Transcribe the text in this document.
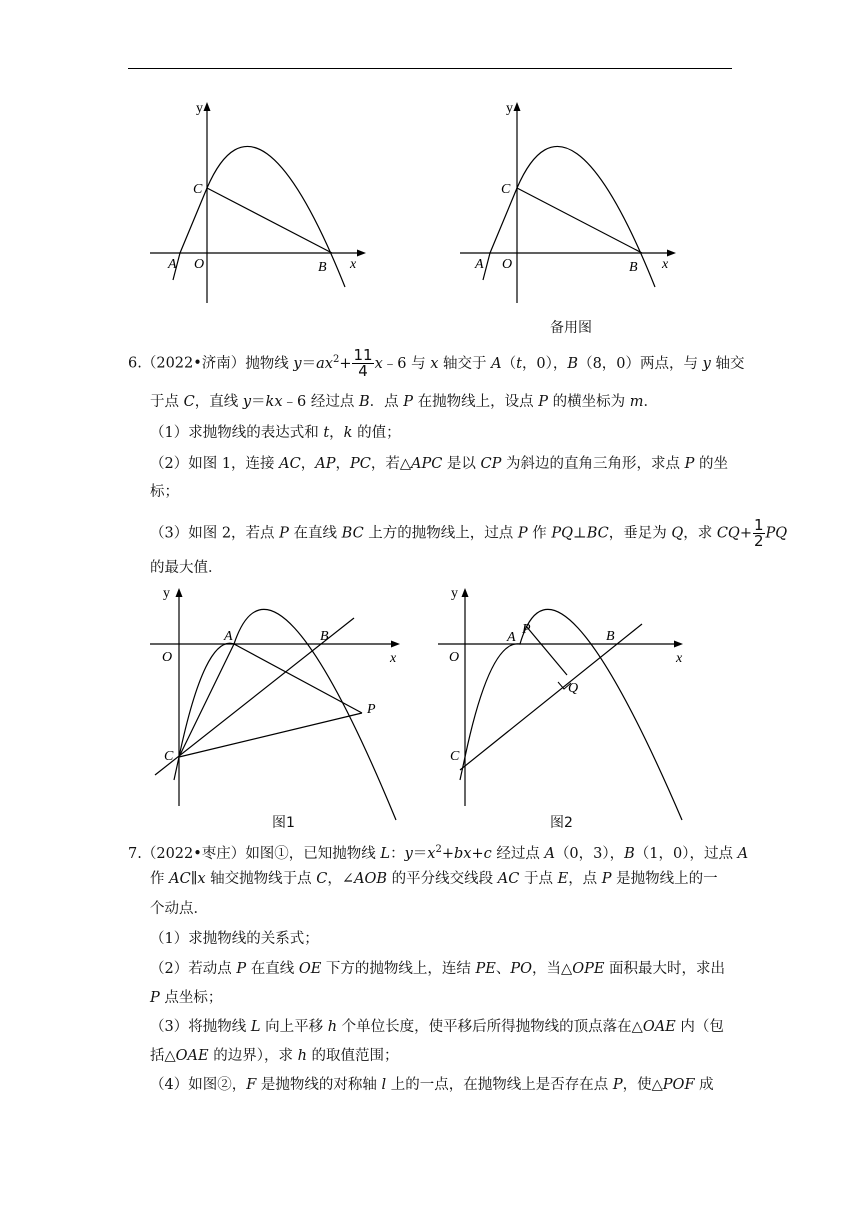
y
x
O
A	B
C
y
x
O
A	B
C
备用图
6.（2022•济南）抛物线 $y=ax^2+ \frac{11}{4}$ x﹣6 与 x 轴交于 A（t，0），B（8，0）两点，与 y 轴交
于点 C，直线 y＝kx﹣6 经过点 B．点 P 在抛物线上，设点 P 的横坐标为 m．
（1）求抛物线的表达式和 t，k 的值；
（2）如图 1，连接 AC，AP，PC，若△APC 是以 CP 为斜边的直角三角形，求点 P 的坐
标；
（3）如图 2，若点 P 在直线 BC 上方的抛物线上，过点 P 作 PQ⊥BC，垂足为 Q，求 $CQ+ \frac{1}{2}$ PQ
的最大值．
y
x
O
A	B
C
P
图1
y
x
O
A
P	B
Q
C
图2
7.（2022•枣庄）如图①，已知抛物线 L：$y=x^2+bx+c$ 经过点 A（0，3），B（1，0），过点 A
作 AC∥x 轴交抛物线于点 C，∠AOB 的平分线交线段 AC 于点 E，点 P 是抛物线上的一
个动点．
（1）求抛物线的关系式；
（2）若动点 P 在直线 OE 下方的抛物线上，连结 PE、PO，当△OPE 面积最大时，求出
P 点坐标；
（3）将抛物线 L 向上平移 h 个单位长度，使平移后所得抛物线的顶点落在△OAE 内（包
括△OAE 的边界），求 h 的取值范围；
（4）如图②，F 是抛物线的对称轴 l 上的一点，在抛物线上是否存在点 P，使△POF 成
